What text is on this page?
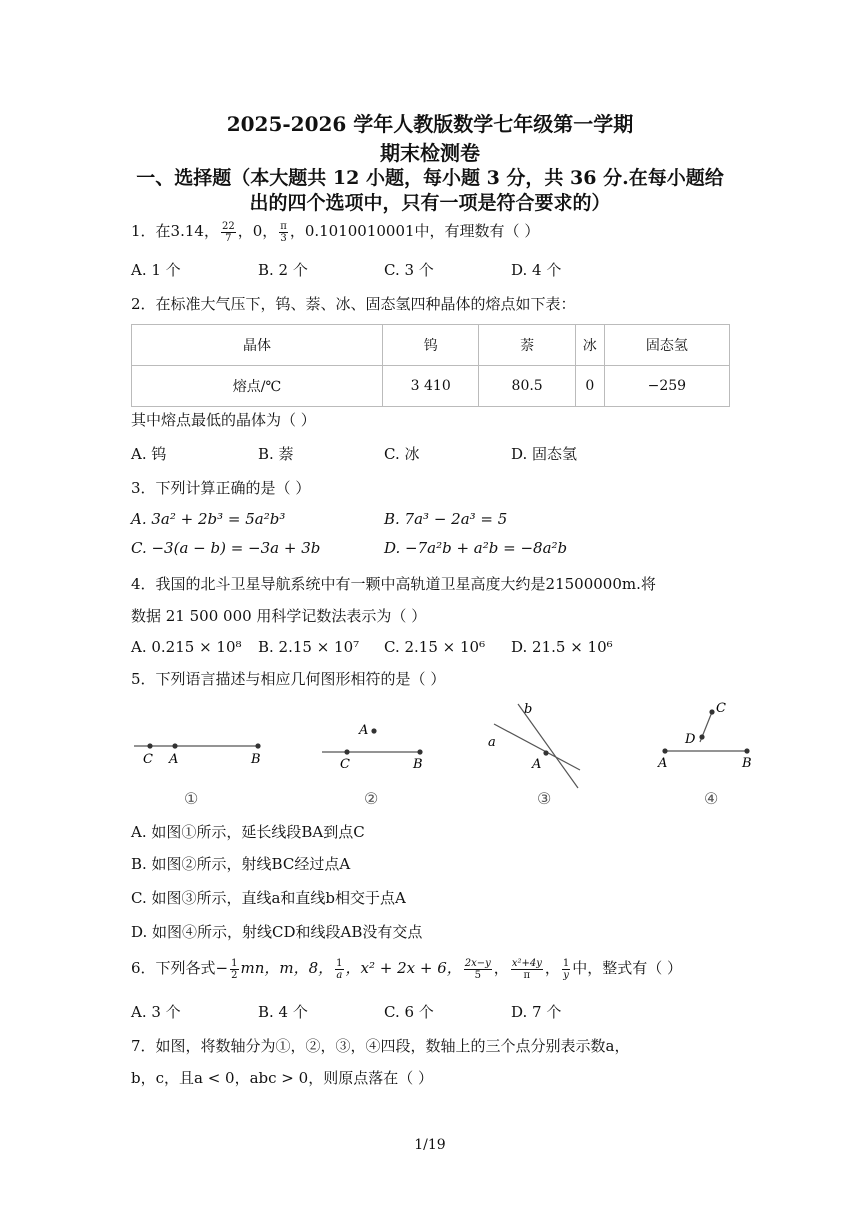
2025-2026 学年人教版数学七年级第一学期
期末检测卷
一、选择题（本大题共 12 小题，每小题 3 分，共 36 分.在每小题给
出的四个选项中，只有一项是符合要求的）
1．在3.14， $\frac{22}{7}$ ，0， $\frac{\pi}{3}$ ，0.1010010001中，有理数有（ ）
A. 1 个	B. 2 个	C. 3 个	D. 4 个
2．在标准大气压下，钨、萘、冰、固态氢四种晶体的熔点如下表：
晶体	钨	萘	冰	固态氢
熔点/℃	3 410	80.5	0	−259
其中熔点最低的晶体为（ ）
A. 钨	B. 萘	C. 冰	D. 固态氢
3．下列计算正确的是（ ）
A. 3a² + 2b³ = 5a²b³	B. 7a³ − 2a³ = 5
C. −3(a − b) = −3a + 3b	D. −7a²b + a²b = −8a²b
4．我国的北斗卫星导航系统中有一颗中高轨道卫星高度大约是21500000m.将
数据 21 500 000 用科学记数法表示为（ ）
A. 0.215 × 10⁸ B. 2.15 × 10⁷ C. 2.15 × 10⁶ D. 21.5 × 10⁶
5．下列语言描述与相应几何图形相符的是（ ）
C A	B
A
C	B
b
a
A
C
D
A	B
①	②	③	④
A. 如图①所示，延长线段BA到点C
B. 如图②所示，射线BC经过点A
C. 如图③所示，直线a和直线b相交于点A
D. 如图④所示，射线CD和线段AB没有交点
6．下列各式− $\frac{1}{2}$ mn，m，8， $\frac{1}{a}$ ，x² + 2x + 6， $\frac{2x-y}{5}$ ， $\frac{\text{x²+4y}}{\pi}$ ， $\frac{1}{y}$ 中，整式有（ ）
A. 3 个	B. 4 个	C. 6 个	D. 7 个
7．如图，将数轴分为①，②，③，④四段，数轴上的三个点分别表示数a，
b，c，且a < 0，abc > 0，则原点落在（ ）
1/19
